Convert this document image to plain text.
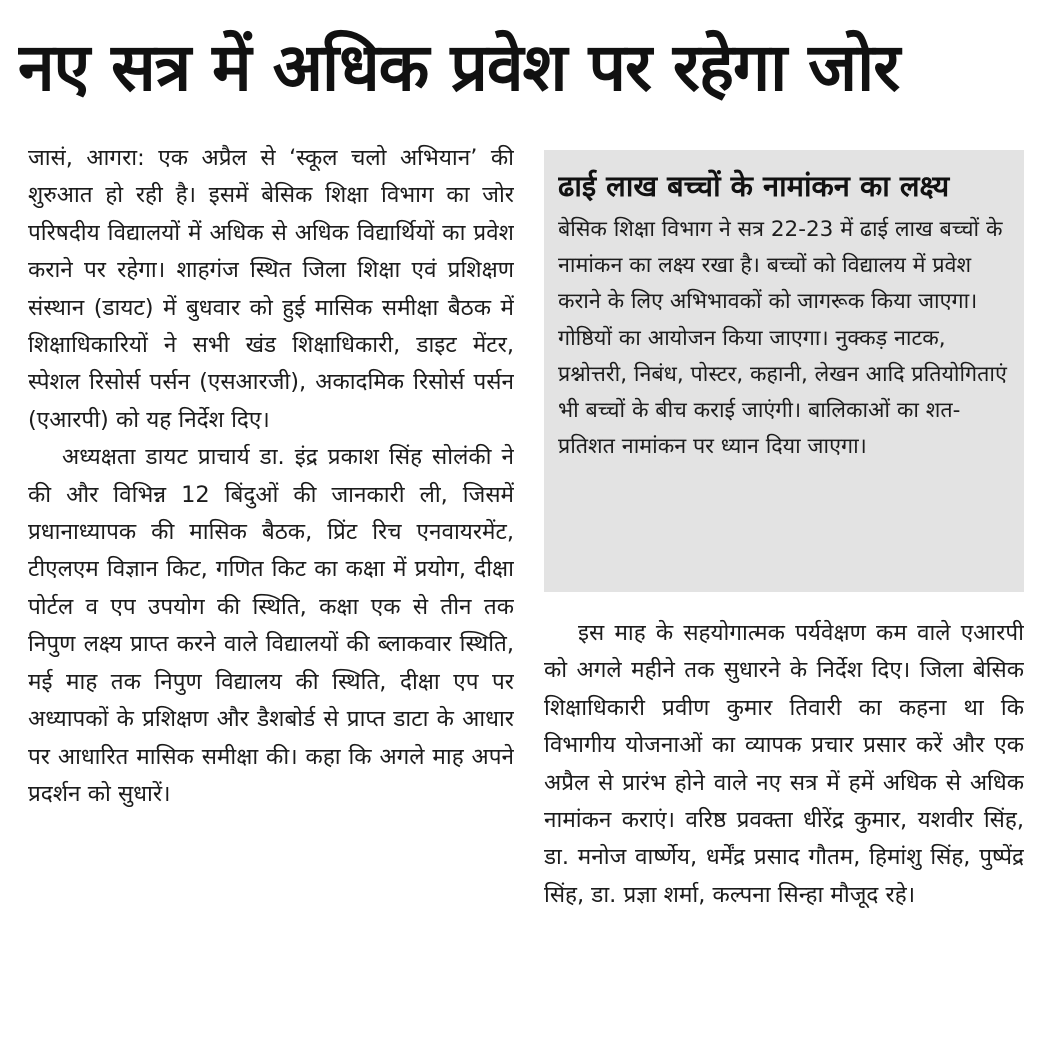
नए सत्र में अधिक प्रवेश पर रहेगा जोर

जासं, आगरा: एक अप्रैल से ‘स्कूल चलो अभियान’ की शुरुआत हो रही है। इसमें बेसिक शिक्षा विभाग का जोर परिषदीय विद्यालयों में अधिक से अधिक विद्यार्थियों का प्रवेश कराने पर रहेगा। शाहगंज स्थित जिला शिक्षा एवं प्रशिक्षण संस्थान (डायट) में बुधवार को हुई मासिक समीक्षा बैठक में शिक्षाधिकारियों ने सभी खंड शिक्षाधिकारी, डाइट मेंटर, स्पेशल रिसोर्स पर्सन (एसआरजी), अकादमिक रिसोर्स पर्सन (एआरपी) को यह निर्देश दिए।

अध्यक्षता डायट प्राचार्य डा. इंद्र प्रकाश सिंह सोलंकी ने की और विभिन्न 12 बिंदुओं की जानकारी ली, जिसमें प्रधानाध्यापक की मासिक बैठक, प्रिंट रिच एनवायरमेंट, टीएलएम विज्ञान किट, गणित किट का कक्षा में प्रयोग, दीक्षा पोर्टल व एप उपयोग की स्थिति, कक्षा एक से तीन तक निपुण लक्ष्य प्राप्त करने वाले विद्यालयों की ब्लाकवार स्थिति, मई माह तक निपुण विद्यालय की स्थिति, दीक्षा एप पर अध्यापकों के प्रशिक्षण और डैशबोर्ड से प्राप्त डाटा के आधार पर आधारित मासिक समीक्षा की। कहा कि अगले माह अपने प्रदर्शन को सुधारें।

ढाई लाख बच्चों के नामांकन का लक्ष्य

बेसिक शिक्षा विभाग ने सत्र 22-23 में ढाई लाख बच्चों के नामांकन का लक्ष्य रखा है। बच्चों को विद्यालय में प्रवेश कराने के लिए अभिभावकों को जागरूक किया जाएगा। गोष्ठियों का आयोजन किया जाएगा। नुक्कड़ नाटक, प्रश्नोत्तरी, निबंध, पोस्टर, कहानी, लेखन आदि प्रतियोगिताएं भी बच्चों के बीच कराई जाएंगी। बालिकाओं का शत-प्रतिशत नामांकन पर ध्यान दिया जाएगा।

इस माह के सहयोगात्मक पर्यवेक्षण कम वाले एआरपी को अगले महीने तक सुधारने के निर्देश दिए। जिला बेसिक शिक्षाधिकारी प्रवीण कुमार तिवारी का कहना था कि विभागीय योजनाओं का व्यापक प्रचार प्रसार करें और एक अप्रैल से प्रारंभ होने वाले नए सत्र में हमें अधिक से अधिक नामांकन कराएं। वरिष्ठ प्रवक्ता धीरेंद्र कुमार, यशवीर सिंह, डा. मनोज वार्ष्णेय, धर्मेंद्र प्रसाद गौतम, हिमांशु सिंह, पुष्पेंद्र सिंह, डा. प्रज्ञा शर्मा, कल्पना सिन्हा मौजूद रहे।
